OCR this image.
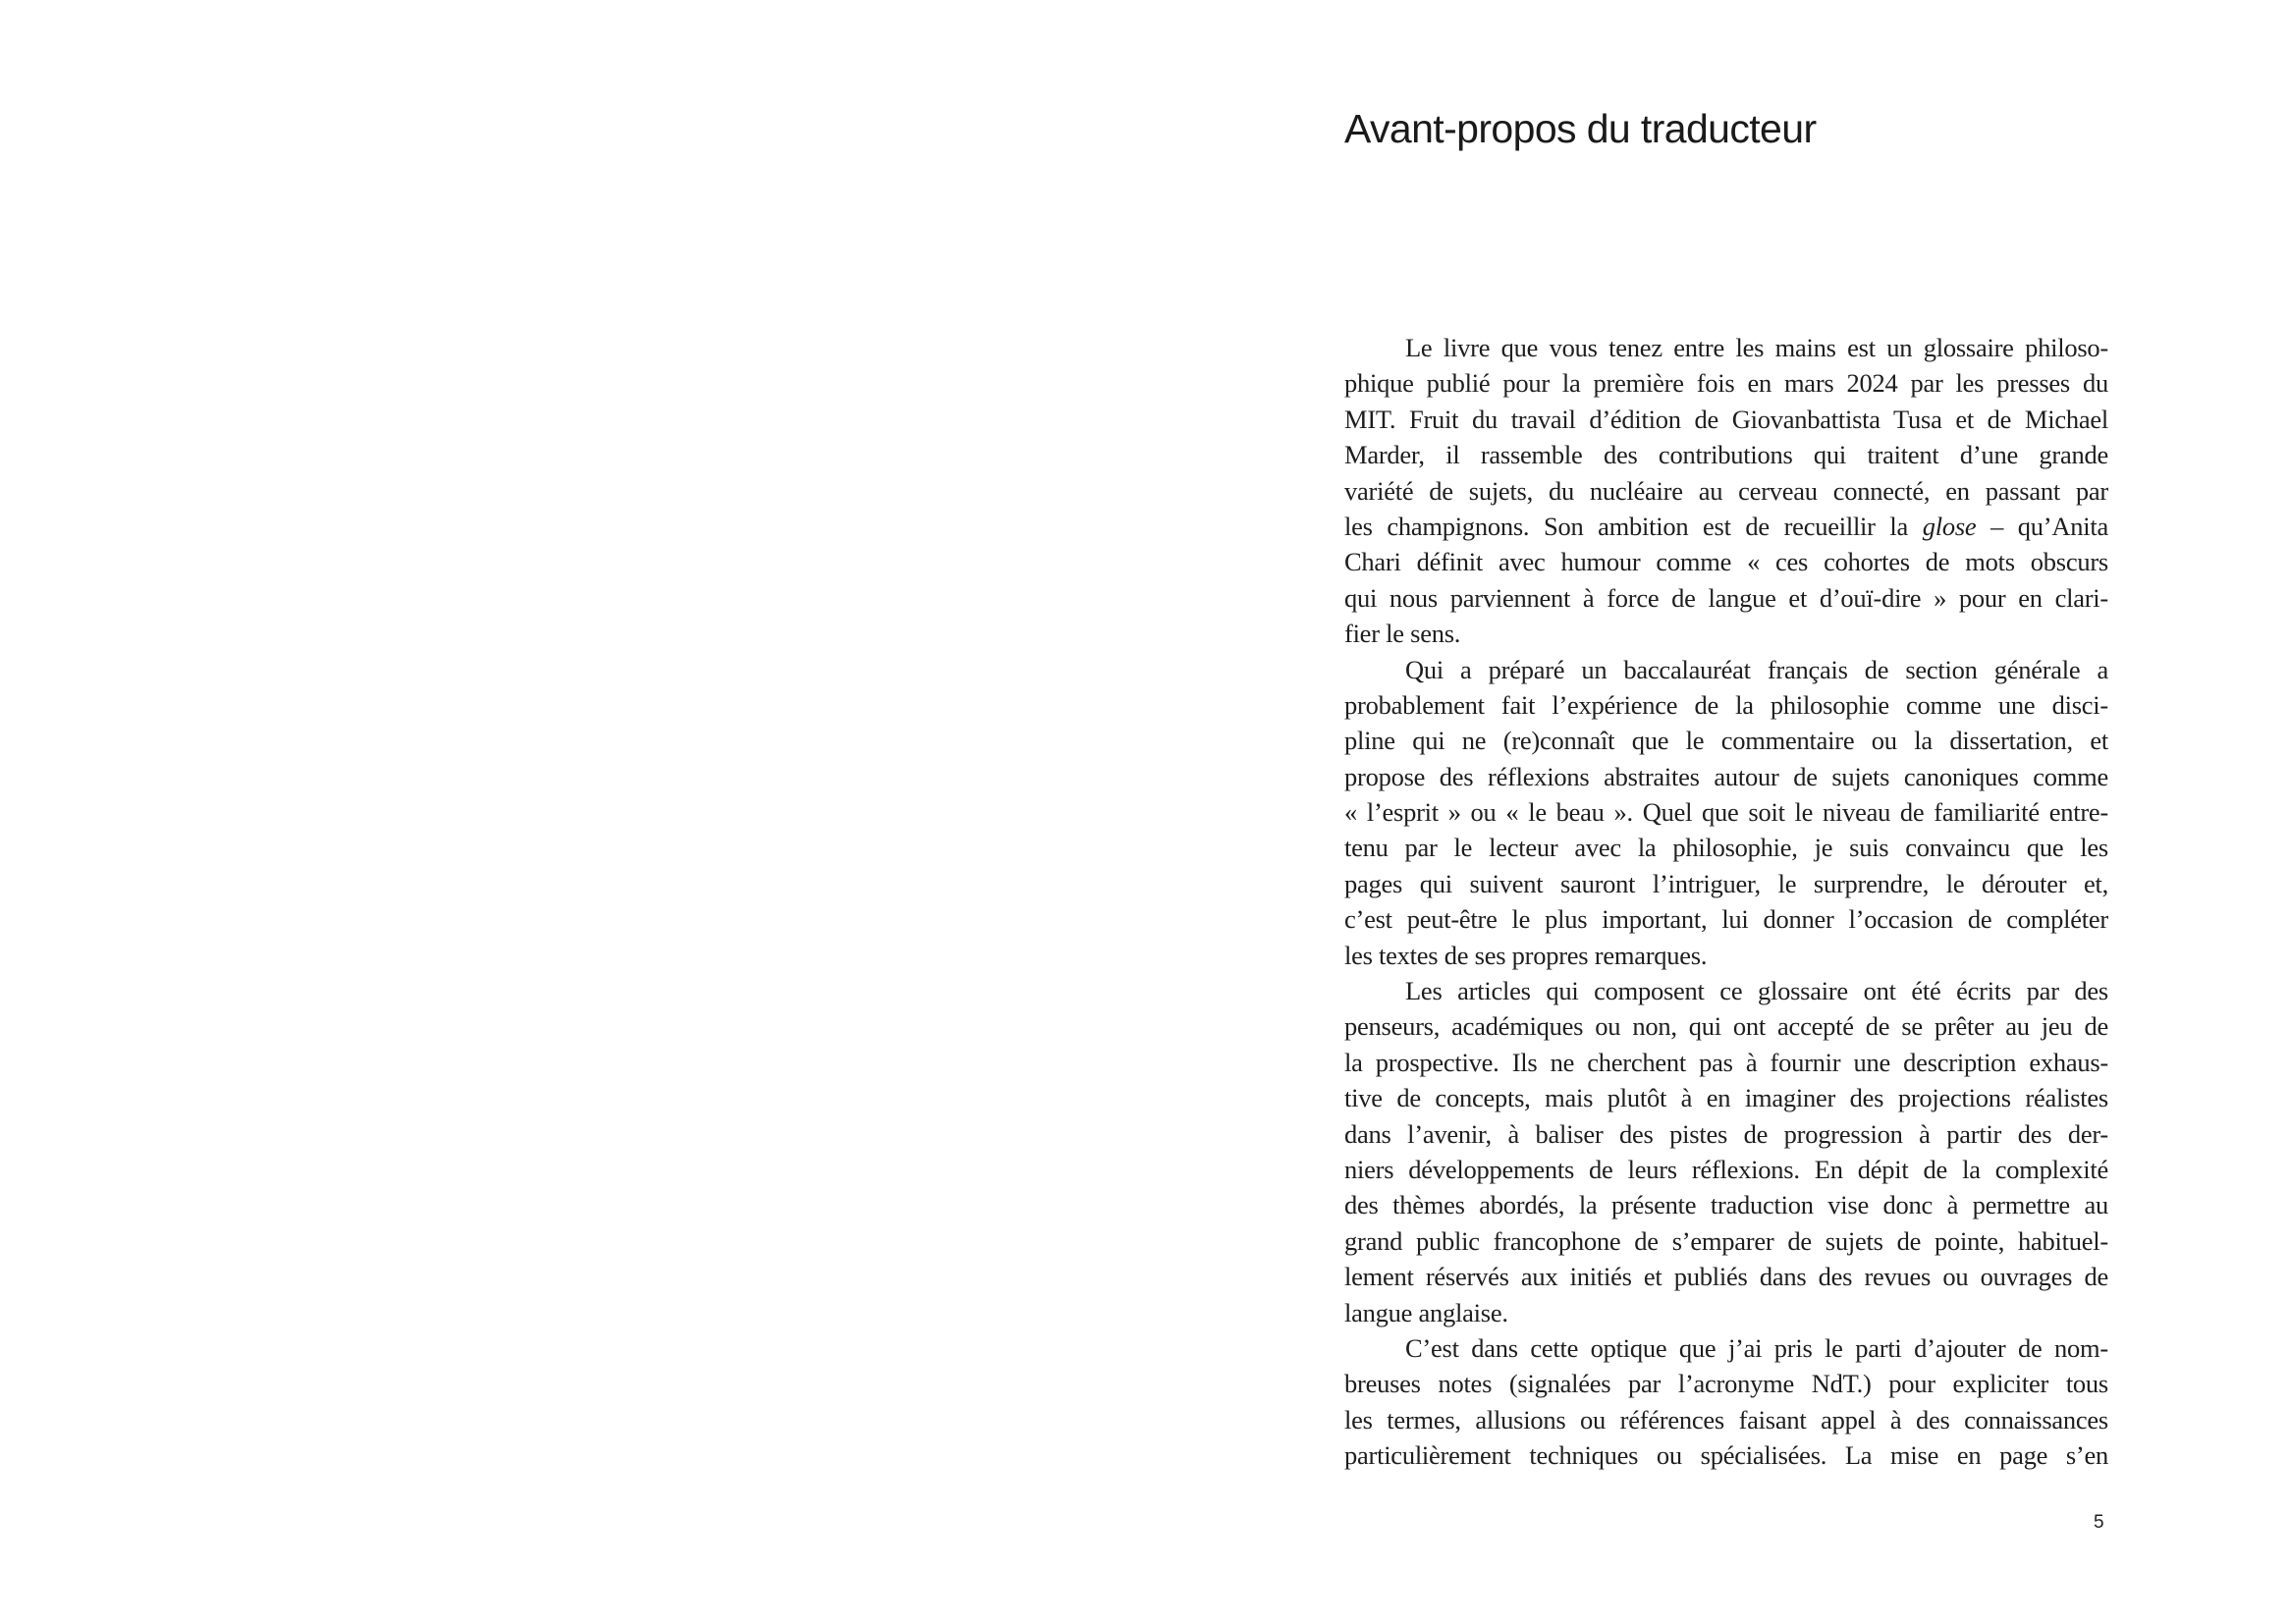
Avant-propos du traducteur
Le livre que vous tenez entre les mains est un glossaire philoso-
phique publié pour la première fois en mars 2024 par les presses du
MIT. Fruit du travail d’édition de Giovanbattista Tusa et de Michael
Marder, il rassemble des contributions qui traitent d’une grande
variété de sujets, du nucléaire au cerveau connecté, en passant par
les champignons. Son ambition est de recueillir la glose – qu’Anita
Chari définit avec humour comme « ces cohortes de mots obscurs
qui nous parviennent à force de langue et d’ouï-dire » pour en clari-
fier le sens.
Qui a préparé un baccalauréat français de section générale a
probablement fait l’expérience de la philosophie comme une disci-
pline qui ne (re)connaît que le commentaire ou la dissertation, et
propose des réflexions abstraites autour de sujets canoniques comme
« l’esprit » ou « le beau ». Quel que soit le niveau de familiarité entre-
tenu par le lecteur avec la philosophie, je suis convaincu que les
pages qui suivent sauront l’intriguer, le surprendre, le dérouter et,
c’est peut-être le plus important, lui donner l’occasion de compléter
les textes de ses propres remarques.
Les articles qui composent ce glossaire ont été écrits par des
penseurs, académiques ou non, qui ont accepté de se prêter au jeu de
la prospective. Ils ne cherchent pas à fournir une description exhaus-
tive de concepts, mais plutôt à en imaginer des projections réalistes
dans l’avenir, à baliser des pistes de progression à partir des der-
niers développements de leurs réflexions. En dépit de la complexité
des thèmes abordés, la présente traduction vise donc à permettre au
grand public francophone de s’emparer de sujets de pointe, habituel-
lement réservés aux initiés et publiés dans des revues ou ouvrages de
langue anglaise.
C’est dans cette optique que j’ai pris le parti d’ajouter de nom-
breuses notes (signalées par l’acronyme NdT.) pour expliciter tous
les termes, allusions ou références faisant appel à des connaissances
particulièrement techniques ou spécialisées. La mise en page s’en
5
